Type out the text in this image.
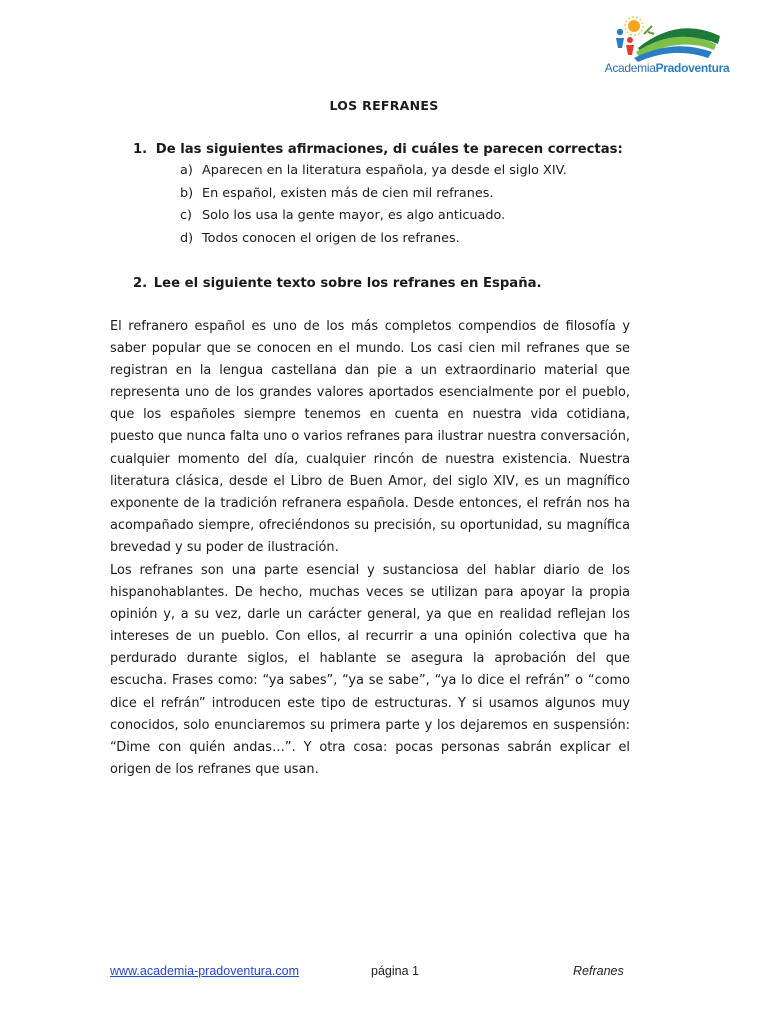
AcademiaPradoventura
LOS REFRANES
1. De las siguientes afirmaciones, di cuáles te parecen correctas:
a) Aparecen en la literatura española, ya desde el siglo XIV.
b) En español, existen más de cien mil refranes.
c) Solo los usa la gente mayor, es algo anticuado.
d) Todos conocen el origen de los refranes.
2. Lee el siguiente texto sobre los refranes en España.

El refranero español es uno de los más completos compendios de filosofía y saber popular que se conocen en el mundo. Los casi cien mil refranes que se registran en la lengua castellana dan pie a un extraordinario material que representa uno de los grandes valores aportados esencialmente por el pueblo, que los españoles siempre tenemos en cuenta en nuestra vida cotidiana, puesto que nunca falta uno o varios refranes para ilustrar nuestra conversación, cualquier momento del día, cualquier rincón de nuestra existencia. Nuestra literatura clásica, desde el Libro de Buen Amor, del siglo XIV, es un magnífico exponente de la tradición refranera española. Desde entonces, el refrán nos ha acompañado siempre, ofreciéndonos su precisión, su oportunidad, su magnífica brevedad y su poder de ilustración.

Los refranes son una parte esencial y sustanciosa del hablar diario de los hispanohablantes. De hecho, muchas veces se utilizan para apoyar la propia opinión y, a su vez, darle un carácter general, ya que en realidad reflejan los intereses de un pueblo. Con ellos, al recurrir a una opinión colectiva que ha perdurado durante siglos, el hablante se asegura la aprobación del que escucha. Frases como: “ya sabes”, “ya se sabe”, “ya lo dice el refrán” o “como dice el refrán” introducen este tipo de estructuras. Y si usamos algunos muy conocidos, solo enunciaremos su primera parte y los dejaremos en suspensión: “Dime con quién andas…”. Y otra cosa: pocas personas sabrán explicar el origen de los refranes que usan.

www.academia-pradoventura.com	página 1	Refranes
